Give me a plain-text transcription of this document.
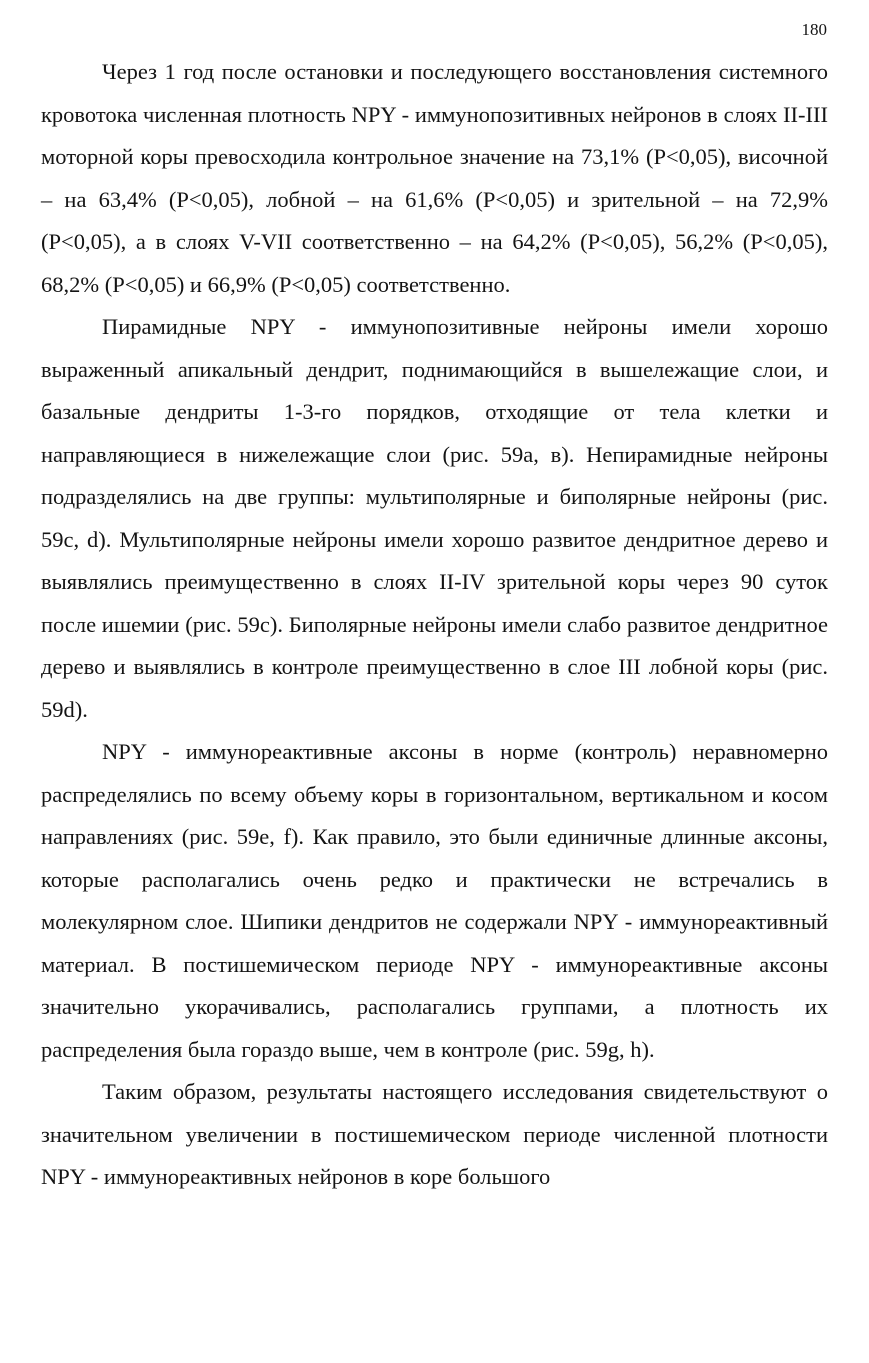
180

Через 1 год после остановки и последующего восстановления системного кровотока численная плотность NPY - иммунопозитивных нейронов в слоях II-III моторной коры превосходила контрольное значение на 73,1% (P<0,05), височной – на 63,4% (P<0,05), лобной – на 61,6% (P<0,05) и зрительной – на 72,9% (P<0,05), а в слоях V-VII соответственно – на 64,2% (P<0,05), 56,2% (P<0,05), 68,2% (P<0,05) и 66,9% (P<0,05) соответственно.

Пирамидные NPY - иммунопозитивные нейроны имели хорошо выраженный апикальный дендрит, поднимающийся в вышележащие слои, и базальные дендриты 1-3-го порядков, отходящие от тела клетки и направляющиеся в нижележащие слои (рис. 59a, в). Непирамидные нейроны подразделялись на две группы: мультиполярные и биполярные нейроны (рис. 59c, d). Мультиполярные нейроны имели хорошо развитое дендритное дерево и выявлялись преимущественно в слоях II-IV зрительной коры через 90 суток после ишемии (рис. 59c). Биполярные нейроны имели слабо развитое дендритное дерево и выявлялись в контроле преимущественно в слое III лобной коры (рис. 59d).

NPY - иммунореактивные аксоны в норме (контроль) неравномерно распределялись по всему объему коры в горизонтальном, вертикальном и косом направлениях (рис. 59e, f). Как правило, это были единичные длинные аксоны, которые располагались очень редко и практически не встречались в молекулярном слое. Шипики дендритов не содержали NPY - иммунореактивный материал. В постишемическом периоде NPY - иммунореактивные аксоны значительно укорачивались, располагались группами, а плотность их распределения была гораздо выше, чем в контроле (рис. 59g, h).

Таким образом, результаты настоящего исследования свидетельствуют о значительном увеличении в постишемическом периоде численной плотности NPY - иммунореактивных нейронов в коре большого
